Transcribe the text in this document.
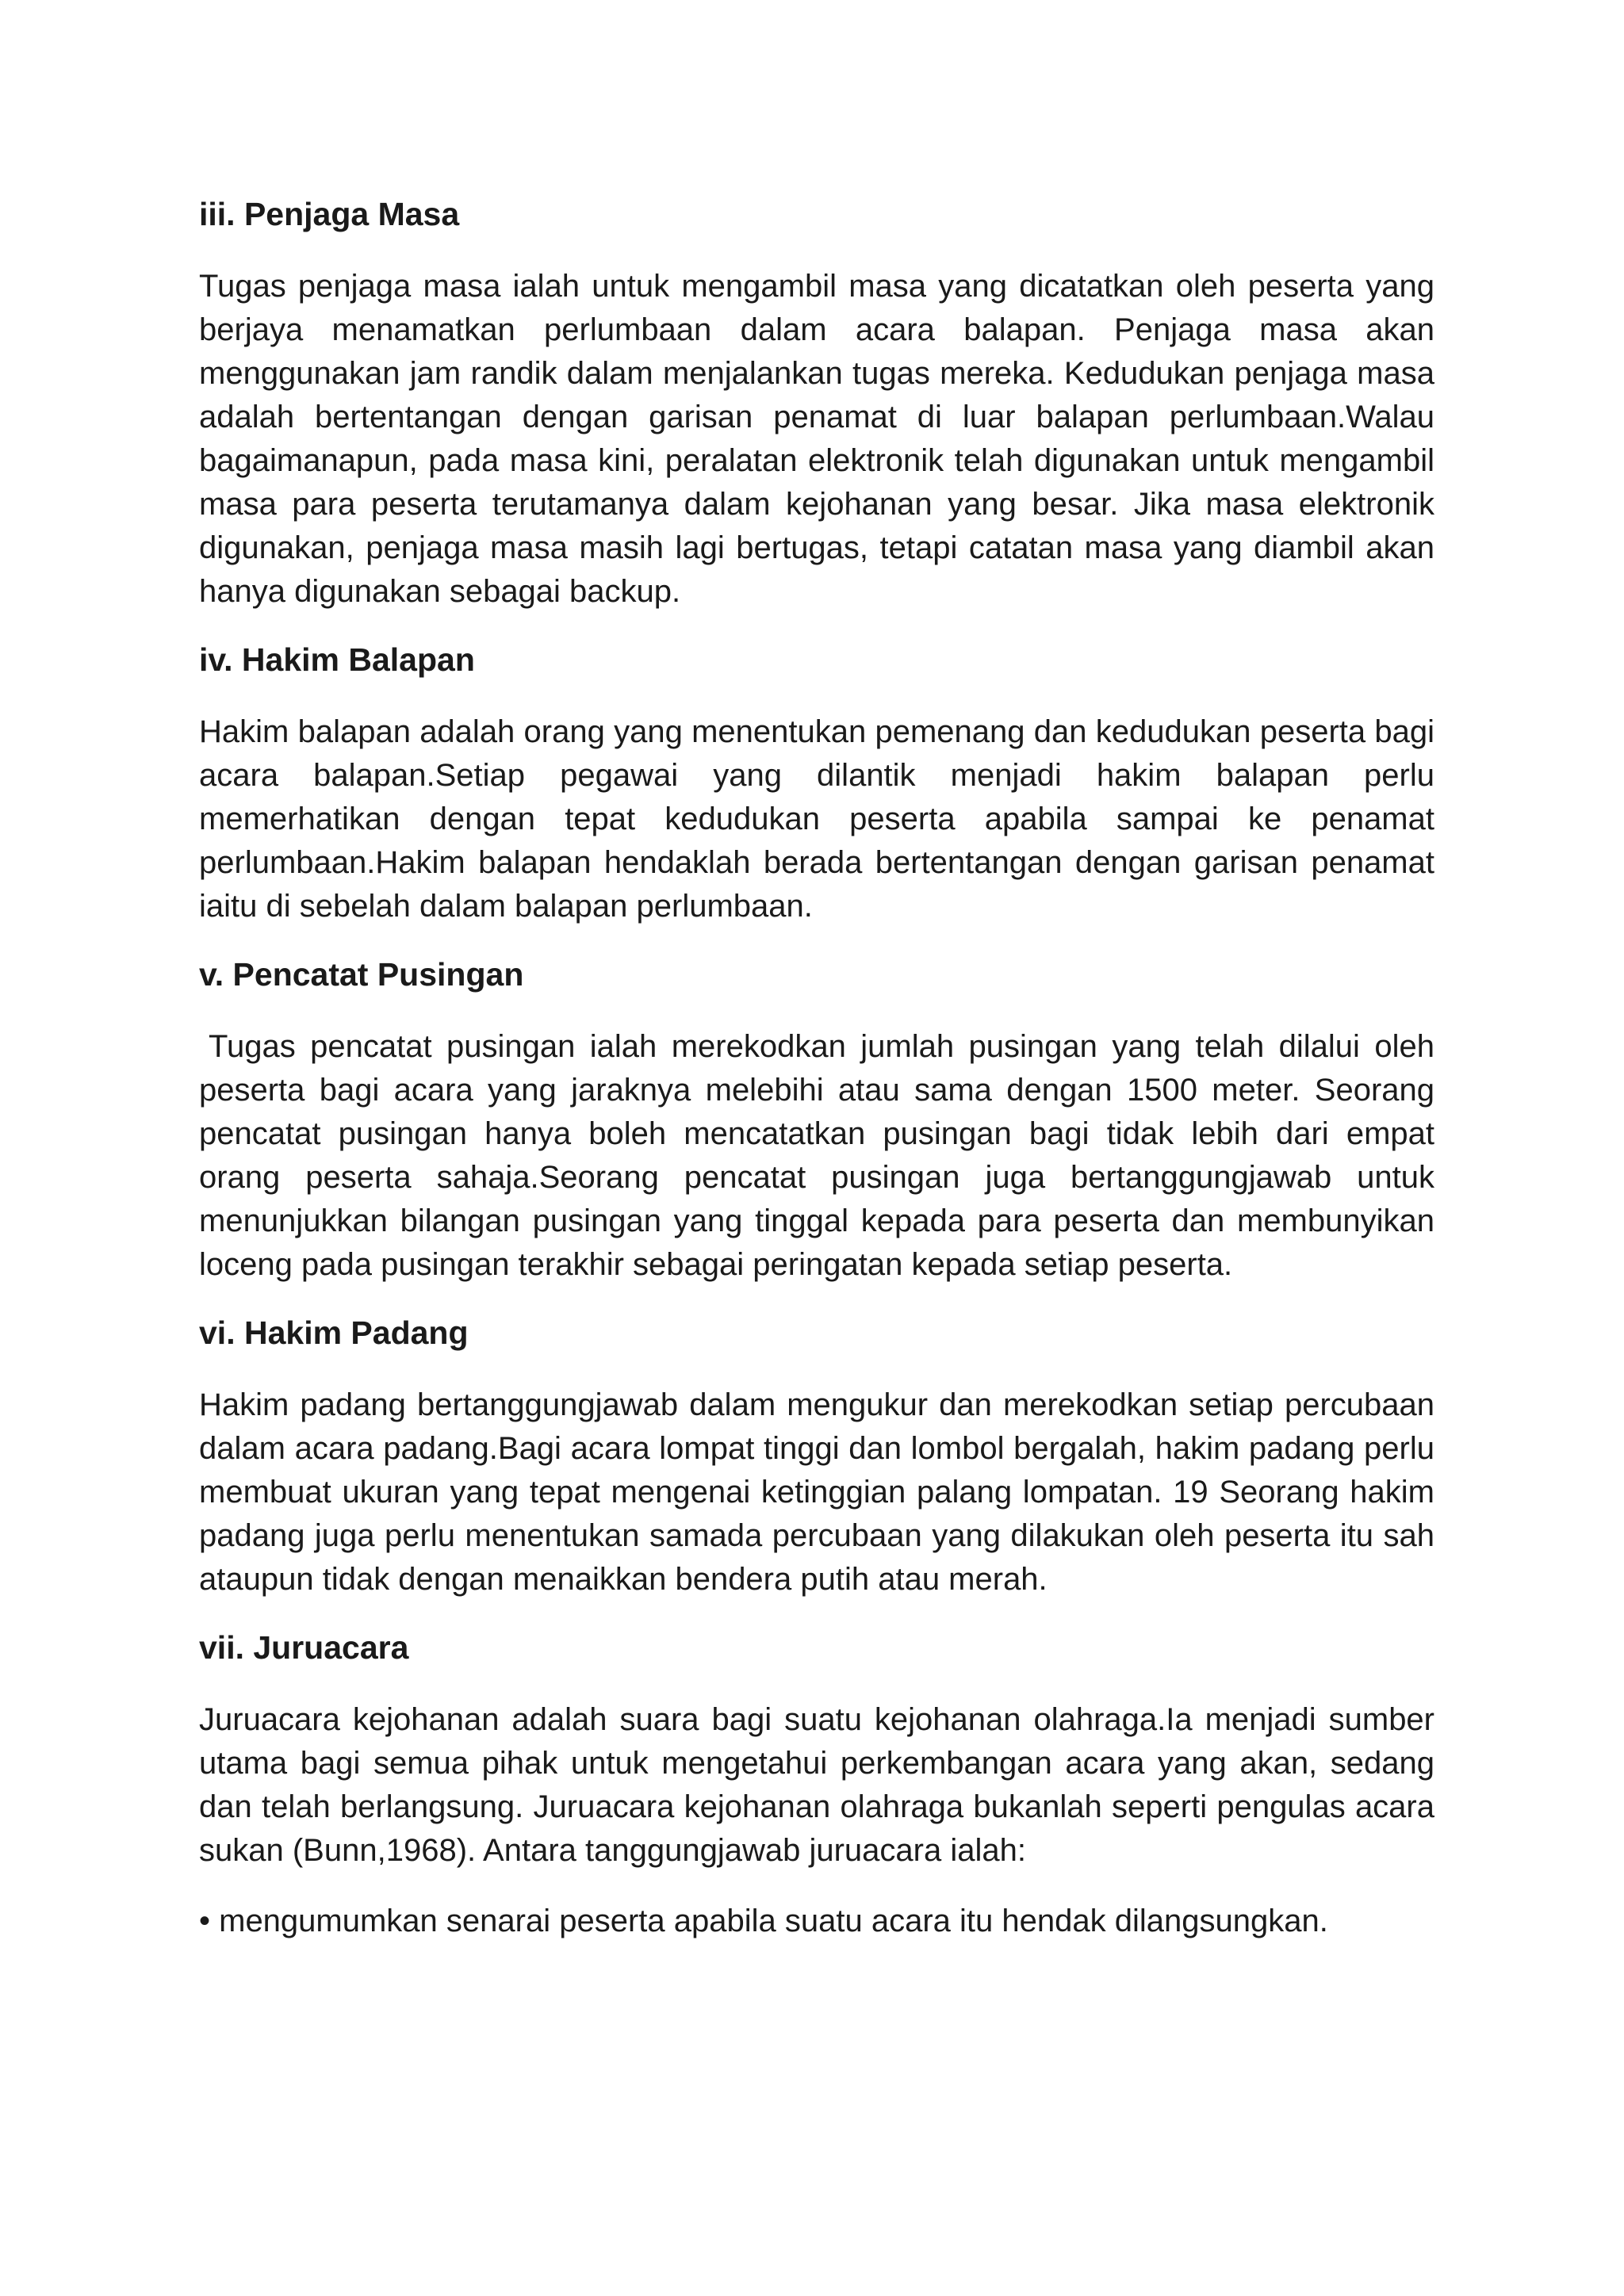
iii. Penjaga Masa
Tugas penjaga masa ialah untuk mengambil masa yang dicatatkan oleh peserta yang berjaya menamatkan perlumbaan dalam acara balapan. Penjaga masa akan menggunakan jam randik dalam menjalankan tugas mereka. Kedudukan penjaga masa adalah bertentangan dengan garisan penamat di luar balapan perlumbaan.Walau bagaimanapun, pada masa kini, peralatan elektronik telah digunakan untuk mengambil masa para peserta terutamanya dalam kejohanan yang besar. Jika masa elektronik digunakan, penjaga masa masih lagi bertugas, tetapi catatan masa yang diambil akan hanya digunakan sebagai backup.
iv. Hakim Balapan
Hakim balapan adalah orang yang menentukan pemenang dan kedudukan peserta bagi acara balapan.Setiap pegawai yang dilantik menjadi hakim balapan perlu memerhatikan dengan tepat kedudukan peserta apabila sampai ke penamat perlumbaan.Hakim balapan hendaklah berada bertentangan dengan garisan penamat iaitu di sebelah dalam balapan perlumbaan.
v. Pencatat Pusingan
Tugas pencatat pusingan ialah merekodkan jumlah pusingan yang telah dilalui oleh peserta bagi acara yang jaraknya melebihi atau sama dengan 1500 meter. Seorang pencatat pusingan hanya boleh mencatatkan pusingan bagi tidak lebih dari empat orang peserta sahaja.Seorang pencatat pusingan juga bertanggungjawab untuk menunjukkan bilangan pusingan yang tinggal kepada para peserta dan membunyikan loceng pada pusingan terakhir sebagai peringatan kepada setiap peserta.
vi. Hakim Padang
Hakim padang bertanggungjawab dalam mengukur dan merekodkan setiap percubaan dalam acara padang.Bagi acara lompat tinggi dan lombol bergalah, hakim padang perlu membuat ukuran yang tepat mengenai ketinggian palang lompatan. 19 Seorang hakim padang juga perlu menentukan samada percubaan yang dilakukan oleh peserta itu sah ataupun tidak dengan menaikkan bendera putih atau merah.
vii. Juruacara
Juruacara kejohanan adalah suara bagi suatu kejohanan olahraga.Ia menjadi sumber utama bagi semua pihak untuk mengetahui perkembangan acara yang akan, sedang dan telah berlangsung. Juruacara kejohanan olahraga bukanlah seperti pengulas acara sukan (Bunn,1968). Antara tanggungjawab juruacara ialah:
• mengumumkan senarai peserta apabila suatu acara itu hendak dilangsungkan.
